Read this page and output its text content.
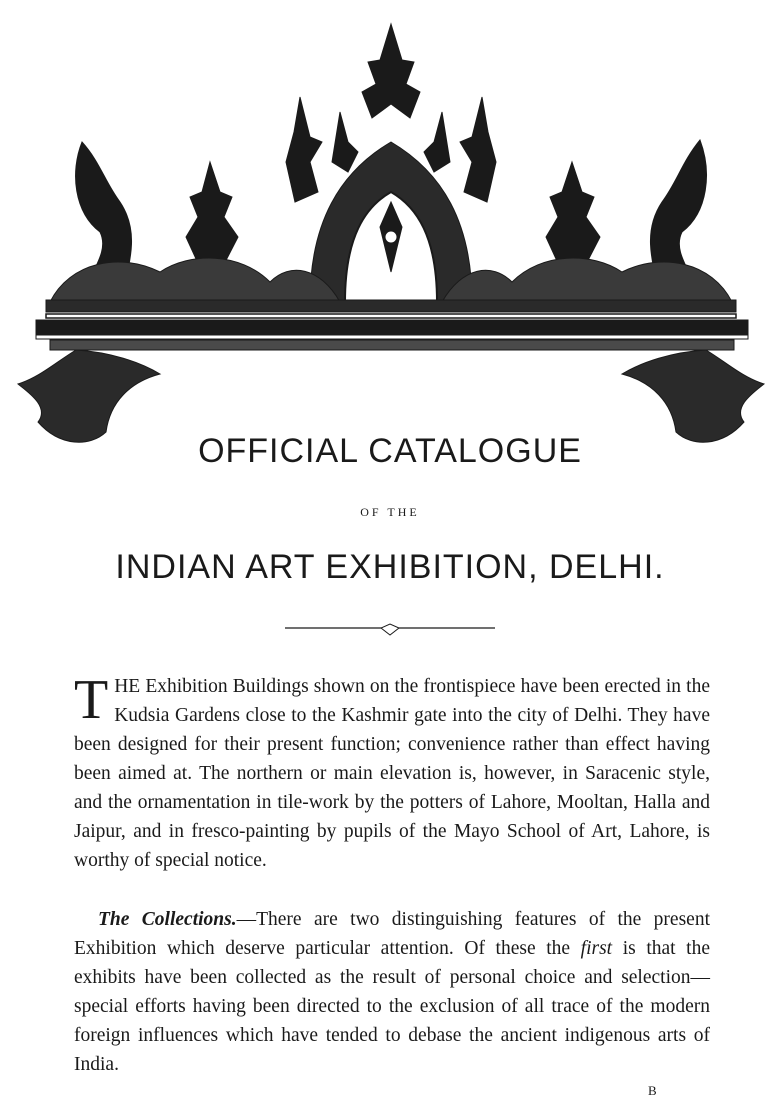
OFFICIAL CATALOGUE
OF THE
INDIAN ART EXHIBITION, DELHI.

THE Exhibition Buildings shown on the frontispiece have been erected in the Kudsia Gardens close to the Kashmir gate into the city of Delhi. They have been designed for their present function; convenience rather than effect having been aimed at. The northern or main elevation is, however, in Saracenic style, and the ornamentation in tile-work by the potters of Lahore, Mooltan, Halla and Jaipur, and in fresco-painting by pupils of the Mayo School of Art, Lahore, is worthy of special notice.

The Collections.—There are two distinguishing features of the present Exhibition which deserve particular attention. Of these the first is that the exhibits have been collected as the result of personal choice and selection—special efforts having been directed to the exclusion of all trace of the modern foreign influences which have tended to debase the ancient indigenous arts of India.

B
